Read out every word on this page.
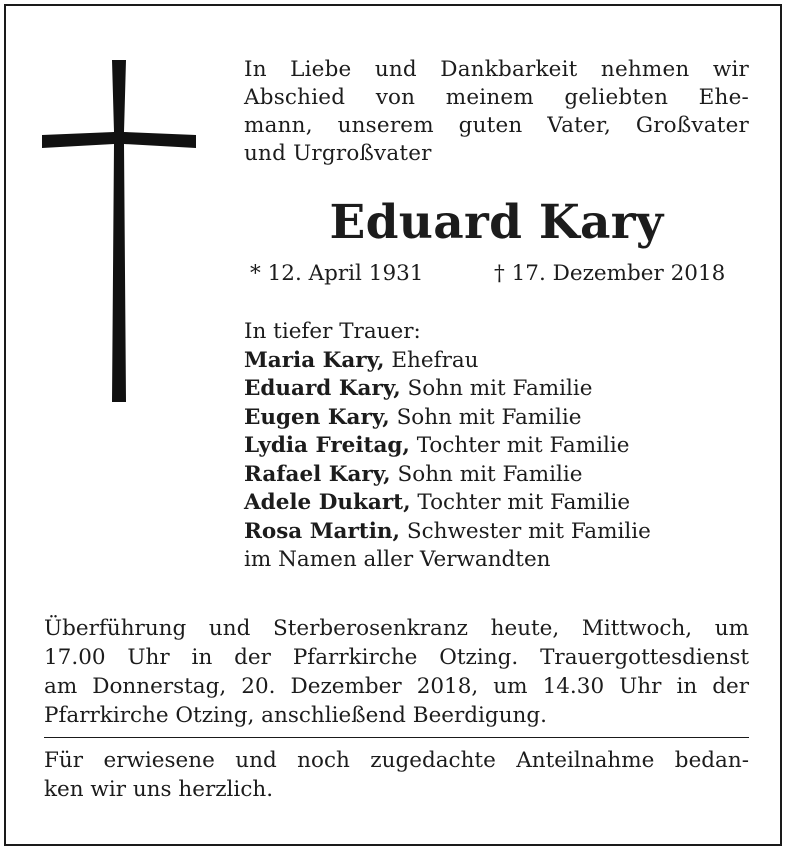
In Liebe und Dankbarkeit nehmen wir
Abschied von meinem geliebten Ehe-
mann, unserem guten Vater, Großvater
und Urgroßvater
Eduard Kary
* 12. April 1931	† 17. Dezember 2018
In tiefer Trauer:
Maria Kary, Ehefrau
Eduard Kary, Sohn mit Familie
Eugen Kary, Sohn mit Familie
Lydia Freitag, Tochter mit Familie
Rafael Kary, Sohn mit Familie
Adele Dukart, Tochter mit Familie
Rosa Martin, Schwester mit Familie
im Namen aller Verwandten
Überführung und Sterberosenkranz heute, Mittwoch, um
17.00 Uhr in der Pfarrkirche Otzing. Trauergottesdienst
am Donnerstag, 20. Dezember 2018, um 14.30 Uhr in der
Pfarrkirche Otzing, anschließend Beerdigung.
Für erwiesene und noch zugedachte Anteilnahme bedan-
ken wir uns herzlich.
